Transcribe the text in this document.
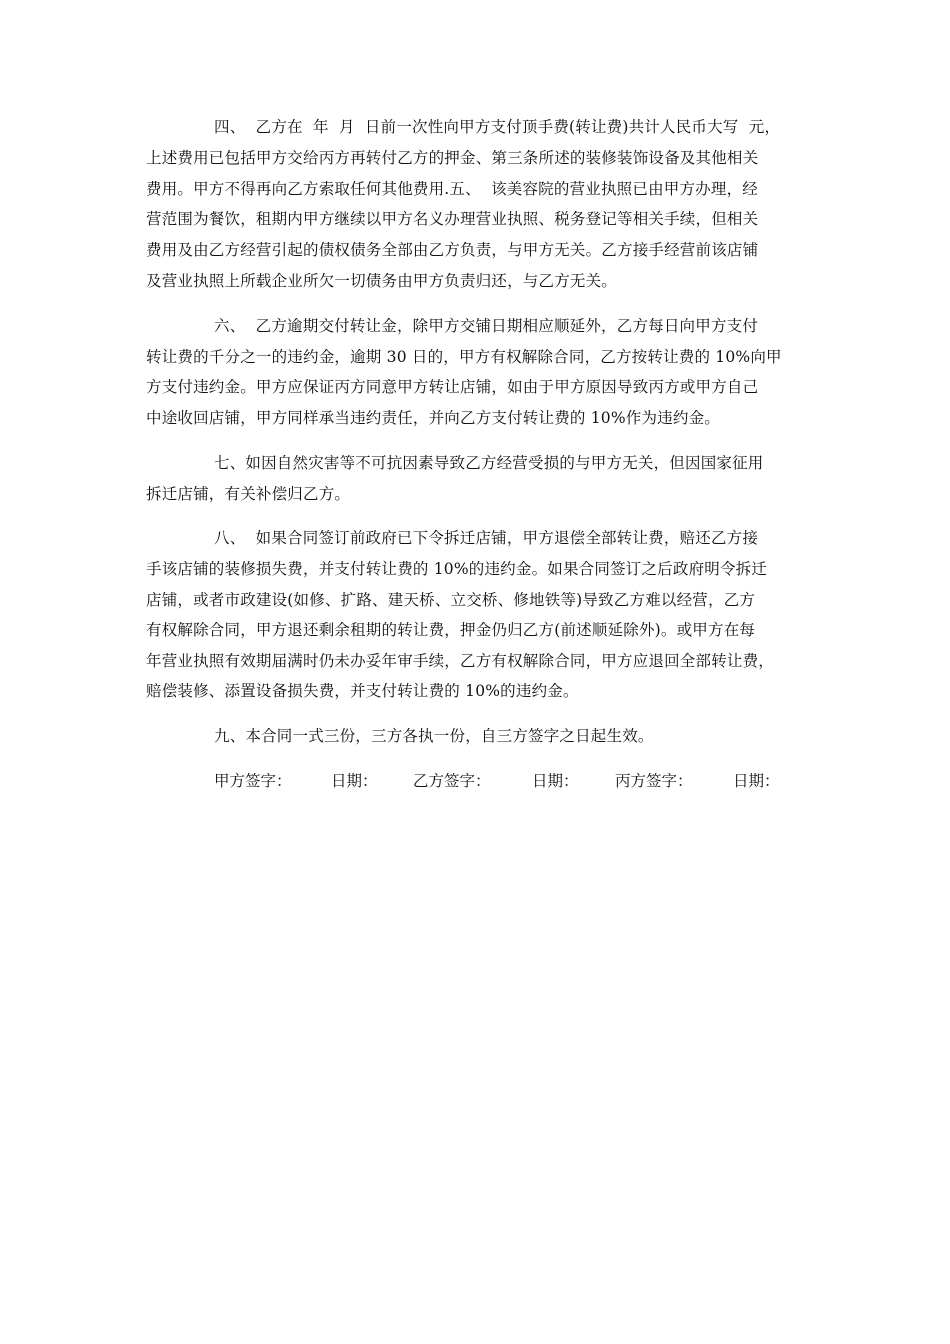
四、  乙方在  年  月  日前一次性向甲方支付顶手费(转让费)共计人民币大写  元，
上述费用已包括甲方交给丙方再转付乙方的押金、第三条所述的装修装饰设备及其他相关
费用。甲方不得再向乙方索取任何其他费用.五、  该美容院的营业执照已由甲方办理，经
营范围为餐饮，租期内甲方继续以甲方名义办理营业执照、税务登记等相关手续，但相关
费用及由乙方经营引起的债权债务全部由乙方负责，与甲方无关。乙方接手经营前该店铺
及营业执照上所载企业所欠一切债务由甲方负责归还，与乙方无关。
六、  乙方逾期交付转让金，除甲方交铺日期相应顺延外，乙方每日向甲方支付
转让费的千分之一的违约金，逾期 30 日的，甲方有权解除合同，乙方按转让费的 10%向甲
方支付违约金。甲方应保证丙方同意甲方转让店铺，如由于甲方原因导致丙方或甲方自己
中途收回店铺，甲方同样承当违约责任，并向乙方支付转让费的 10%作为违约金。
七、如因自然灾害等不可抗因素导致乙方经营受损的与甲方无关，但因国家征用
拆迁店铺，有关补偿归乙方。
八、  如果合同签订前政府已下令拆迁店铺，甲方退偿全部转让费，赔还乙方接
手该店铺的装修损失费，并支付转让费的 10%的违约金。如果合同签订之后政府明令拆迁
店铺，或者市政建设(如修、扩路、建天桥、立交桥、修地铁等)导致乙方难以经营，乙方
有权解除合同，甲方退还剩余租期的转让费，押金仍归乙方(前述顺延除外)。或甲方在每
年营业执照有效期届满时仍未办妥年审手续，乙方有权解除合同，甲方应退回全部转让费，
赔偿装修、添置设备损失费，并支付转让费的 10%的违约金。
九、本合同一式三份，三方各执一份，自三方签字之日起生效。
甲方签字：	日期： 乙方签字：	日期： 丙方签字：	日期：
